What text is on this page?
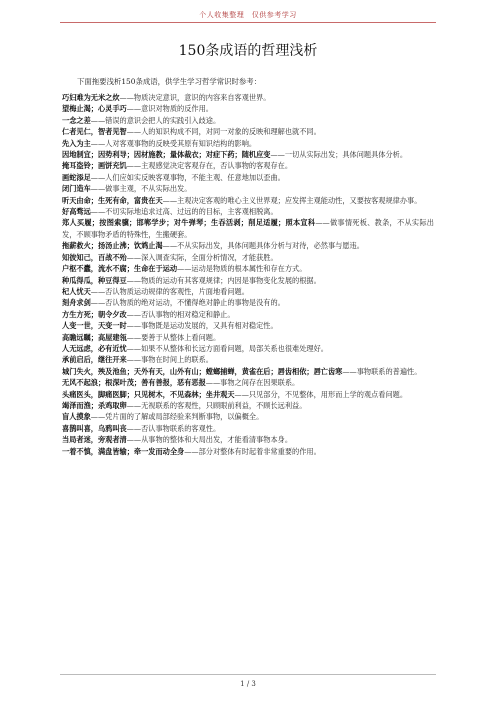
个人收集整理　仅供参考学习
150条成语的哲理浅析

下面拖要浅析150条成语，供学生学习哲学常识时参考：

巧妇难为无米之炊——物质决定意识，意识的内容来自客观世界。

望梅止渴；心灵手巧——意识对物质的反作用。

一念之差——错误的意识会把人的实践引入歧途。

仁者见仁，智者见智——人的知识构成不同，对同一对象的反映和理解也就不同。

先入为主——人对客观事物的反映受其原有知识结构的影响。

因地制宜；因势利导；因材施教；量体裁衣；对症下药；随机应变——一切从实际出发；具体问题具体分析。

掩耳盗铃；画饼充饥——主观感觉决定客观存在，否认事物的客观存在。

画蛇添足——人们应如实反映客观事物，不能主观、任意地加以歪曲。

闭门造车——做事主观，不从实际出发。

听天由命；生死有命，富贵在天——主观决定客观的唯心主义世界观；应发挥主观能动性，又要按客观规律办事。

好高骛远——不切实际地追求过高、过远的的目标，主客观相脱离。

郑人买履；按图索骥；邯郸学步；对牛弹琴；生吞活剥；削足适履；照本宣科——做事情死板、教条，不从实际出发，不顾事物矛盾的特殊性，生搬硬套。

拖薪救火；扬汤止沸；饮鸩止渴——不从实际出发，具体问题具体分析与对待，必然事与愿违。

知彼知己，百战不殆——深入调查实际，全面分析情况，才能获胜。

户枢不蠹，流水不腐；生命在于运动——运动是物质的根本属性和存在方式。

种瓜得瓜，种豆得豆——物质的运动有其客观规律；内因是事物变化发展的根据。

杞人忧天——否认物质运动规律的客观性，片面地看问题。

刻舟求剑——否认物质的绝对运动，不懂得绝对静止的事物是没有的。

方生方死；朝令夕改——否认事物的相对稳定和静止。

人变一世，天变一时——事物既是运动发展的，又具有相对稳定性。

高瞻远瞩；高屋建瓴——要善于从整体上看问题。

人无远虑，必有近忧——如果不从整体和长远方面看问题，局部关系也很难处理好。

承前启后，继往开来——事物在时间上的联系。

城门失火，殃及池鱼；天外有天，山外有山；螳螂捕蝉，黄雀在后；唇齿相依；唇亡齿寒——事物联系的普遍性。

无风不起浪；根深叶茂；善有善报，恶有恶报——事物之间存在因果联系。

头痛医头，脚痛医脚；只见树木，不见森林；坐井观天——只见部分，不见整体，用形而上学的观点看问题。

竭泽而渔；杀鸡取卵——无视联系的客观性，只顾眼前利益，不顾长远利益。

盲人摸象——凭片面的了解或局部经验来判断事物，以偏概全。

喜鹊叫喜，乌鸦叫丧——否认事物联系的客观性。

当局者迷，旁观者清——从事物的整体和大局出发，才能看清事物本身。

一着不慎，满盘皆输；牵一发而动全身——部分对整体有时起着非常重要的作用。

1 / 3
